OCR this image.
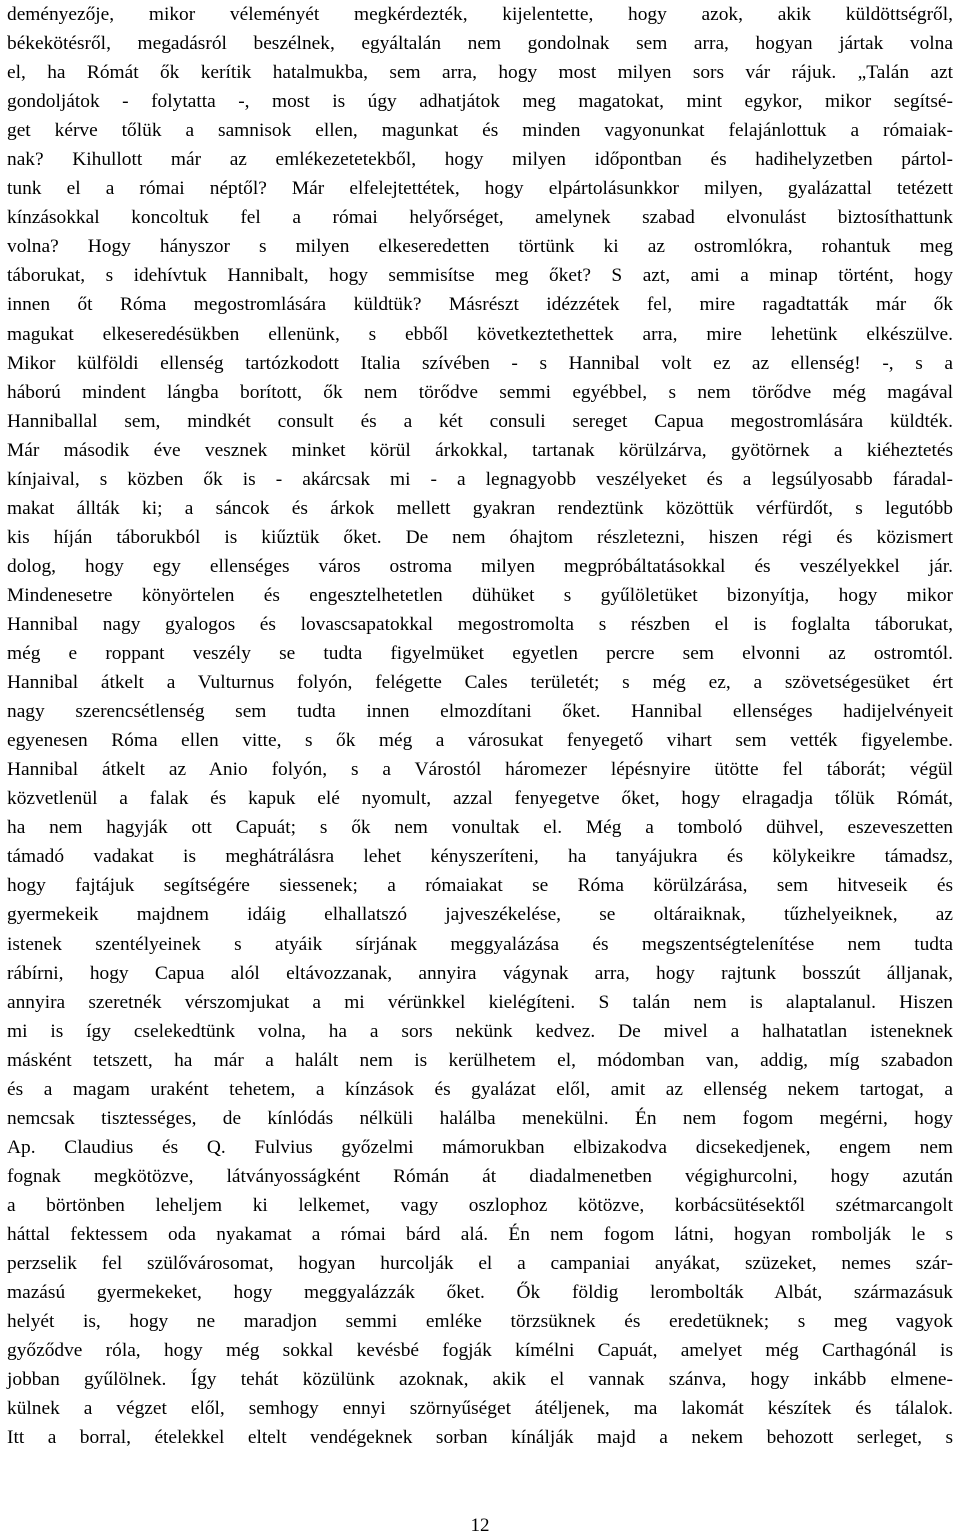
deményezője, mikor véleményét megkérdezték, kijelentette, hogy azok, akik küldöttségről,
békekötésről, megadásról beszélnek, egyáltalán nem gondolnak sem arra, hogyan jártak volna
el, ha Rómát ők kerítik hatalmukba, sem arra, hogy most milyen sors vár rájuk. „Talán azt
gondoljátok - folytatta -, most is úgy adhatjátok meg magatokat, mint egykor, mikor segítsé-
get kérve tőlük a samnisok ellen, magunkat és minden vagyonunkat felajánlottuk a rómaiak-
nak? Kihullott már az emlékezetetekből, hogy milyen időpontban és hadihelyzetben pártol-
tunk el a római néptől? Már elfelejtettétek, hogy elpártolásunkkor milyen, gyalázattal tetézett
kínzásokkal koncoltuk fel a római helyőrséget, amelynek szabad elvonulást biztosíthattunk
volna? Hogy hányszor s milyen elkeseredetten törtünk ki az ostromlókra, rohantuk meg
táborukat, s idehívtuk Hannibalt, hogy semmisítse meg őket? S azt, ami a minap történt, hogy
innen őt Róma megostromlására küldtük? Másrészt idézzétek fel, mire ragadtatták már ők
magukat elkeseredésükben ellenünk, s ebből következtethettek arra, mire lehetünk elkészülve.
Mikor külföldi ellenség tartózkodott Italia szívében - s Hannibal volt ez az ellenség! -, s a
háború mindent lángba borított, ők nem törődve semmi egyébbel, s nem törődve még magával
Hanniballal sem, mindkét consult és a két consuli sereget Capua megostromlására küldték.
Már második éve vesznek minket körül árkokkal, tartanak körülzárva, gyötörnek a kiéheztetés
kínjaival, s közben ők is - akárcsak mi - a legnagyobb veszélyeket és a legsúlyosabb fáradal-
makat állták ki; a sáncok és árkok mellett gyakran rendeztünk közöttük vérfürdőt, s legutóbb
kis híján táborukból is kiűztük őket. De nem óhajtom részletezni, hiszen régi és közismert
dolog, hogy egy ellenséges város ostroma milyen megpróbáltatásokkal és veszélyekkel jár.
Mindenesetre könyörtelen és engesztelhetetlen dühüket s gyűlöletüket bizonyítja, hogy mikor
Hannibal nagy gyalogos és lovascsapatokkal megostromolta s részben el is foglalta táborukat,
még e roppant veszély se tudta figyelmüket egyetlen percre sem elvonni az ostromtól.
Hannibal átkelt a Vulturnus folyón, felégette Cales területét; s még ez, a szövetségesüket ért
nagy szerencsétlenség sem tudta innen elmozdítani őket. Hannibal ellenséges hadijelvényeit
egyenesen Róma ellen vitte, s ők még a városukat fenyegető vihart sem vették figyelembe.
Hannibal átkelt az Anio folyón, s a Várostól háromezer lépésnyire ütötte fel táborát; végül
közvetlenül a falak és kapuk elé nyomult, azzal fenyegetve őket, hogy elragadja tőlük Rómát,
ha nem hagyják ott Capuát; s ők nem vonultak el. Még a tomboló dühvel, eszeveszetten
támadó vadakat is meghátrálásra lehet kényszeríteni, ha tanyájukra és kölykeikre támadsz,
hogy fajtájuk segítségére siessenek; a rómaiakat se Róma körülzárása, sem hitveseik és
gyermekeik majdnem idáig elhallatszó jajveszékelése, se oltáraiknak, tűzhelyeiknek, az
istenek szentélyeinek s atyáik sírjának meggyalázása és megszentségtelenítése nem tudta
rábírni, hogy Capua alól eltávozzanak, annyira vágynak arra, hogy rajtunk bosszút álljanak,
annyira szeretnék vérszomjukat a mi vérünkkel kielégíteni. S talán nem is alaptalanul. Hiszen
mi is így cselekedtünk volna, ha a sors nekünk kedvez. De mivel a halhatatlan isteneknek
másként tetszett, ha már a halált nem is kerülhetem el, módomban van, addig, míg szabadon
és a magam uraként tehetem, a kínzások és gyalázat elől, amit az ellenség nekem tartogat, a
nemcsak tisztességes, de kínlódás nélküli halálba menekülni. Én nem fogom megérni, hogy
Ap. Claudius és Q. Fulvius győzelmi mámorukban elbizakodva dicsekedjenek, engem nem
fognak megkötözve, látványosságként Rómán át diadalmenetben végighurcolni, hogy azután
a börtönben leheljem ki lelkemet, vagy oszlophoz kötözve, korbácsütésektől szétmarcangolt
háttal fektessem oda nyakamat a római bárd alá. Én nem fogom látni, hogyan rombolják le s
perzselik fel szülővárosomat, hogyan hurcolják el a campaniai anyákat, szüzeket, nemes szár-
mazású gyermekeket, hogy meggyalázzák őket. Ők földig lerombolták Albát, származásuk
helyét is, hogy ne maradjon semmi emléke törzsüknek és eredetüknek; s meg vagyok
győződve róla, hogy még sokkal kevésbé fogják kímélni Capuát, amelyet még Carthagónál is
jobban gyűlölnek. Így tehát közülünk azoknak, akik el vannak szánva, hogy inkább elmene-
külnek a végzet elől, semhogy ennyi szörnyűséget átéljenek, ma lakomát készítek és tálalok.
Itt a borral, ételekkel eltelt vendégeknek sorban kínálják majd a nekem behozott serleget, s
12
